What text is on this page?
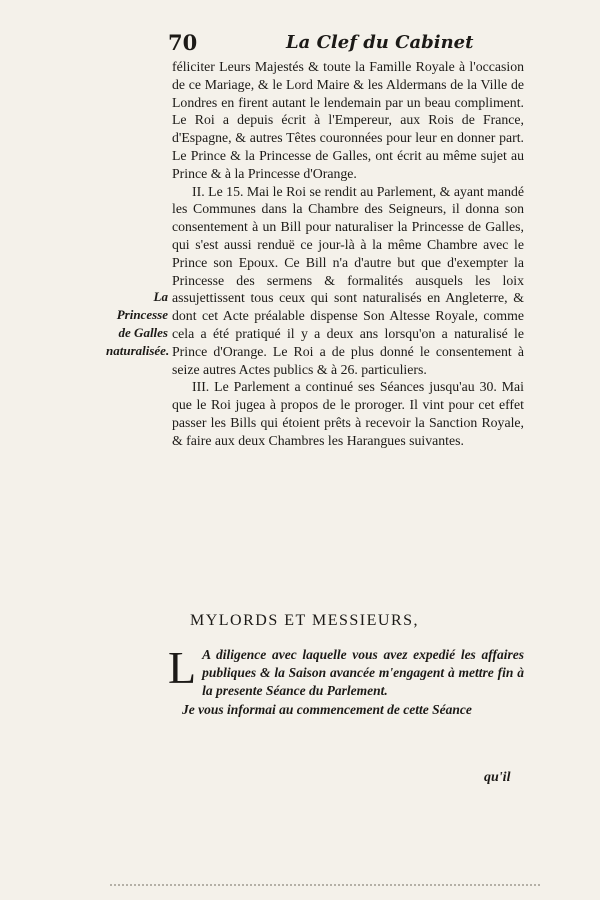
70	La Clef du Cabinet

féliciter Leurs Majestés & toute la Famille Royale à l'occasion de ce Mariage, & le Lord Maire & les Aldermans de la Ville de Londres en firent autant le lendemain par un beau compliment. Le Roi a depuis écrit à l'Empereur, aux Rois de France, d'Espagne, & autres Têtes couronnées pour leur en donner part. Le Prince & la Princesse de Galles, ont écrit au même sujet au Prince & à la Princesse d'Orange.

II. Le 15. Mai le Roi se rendit au Parlement, & ayant mandé les Communes dans la Chambre des Seigneurs, il donna son consentement à un Bill pour naturaliser la Princesse de Galles, qui s'est aussi renduë ce jour-là à la même Chambre avec le Prince son Epoux. Ce Bill n'a d'autre but que d'exempter la Princesse des sermens & formalités ausquels les loix assujettissent tous ceux qui sont naturalisés en Angleterre, & dont cet Acte préalable dispense Son Altesse Royale, comme cela a été pratiqué il y a deux ans lorsqu'on a naturalisé le Prince d'Orange. Le Roi a de plus donné le consentement à seize autres Actes publics & à 26. particuliers.

III. Le Parlement a continué ses Séances jusqu'au 30. Mai que le Roi jugea à propos de le proroger. Il vint pour cet effet passer les Bills qui étoient prêts à recevoir la Sanction Royale, & faire aux deux Chambres les Harangues suivantes.

La Princesse de Galles naturalisée.
MYLORDS ET MESSIEURS,

L A diligence avec laquelle vous avez expedié les affaires publiques & la Saison avancée m'engagent à mettre fin à la presente Séance du Parlement.

Je vous informai au commencement de cette Séance

qu'il
